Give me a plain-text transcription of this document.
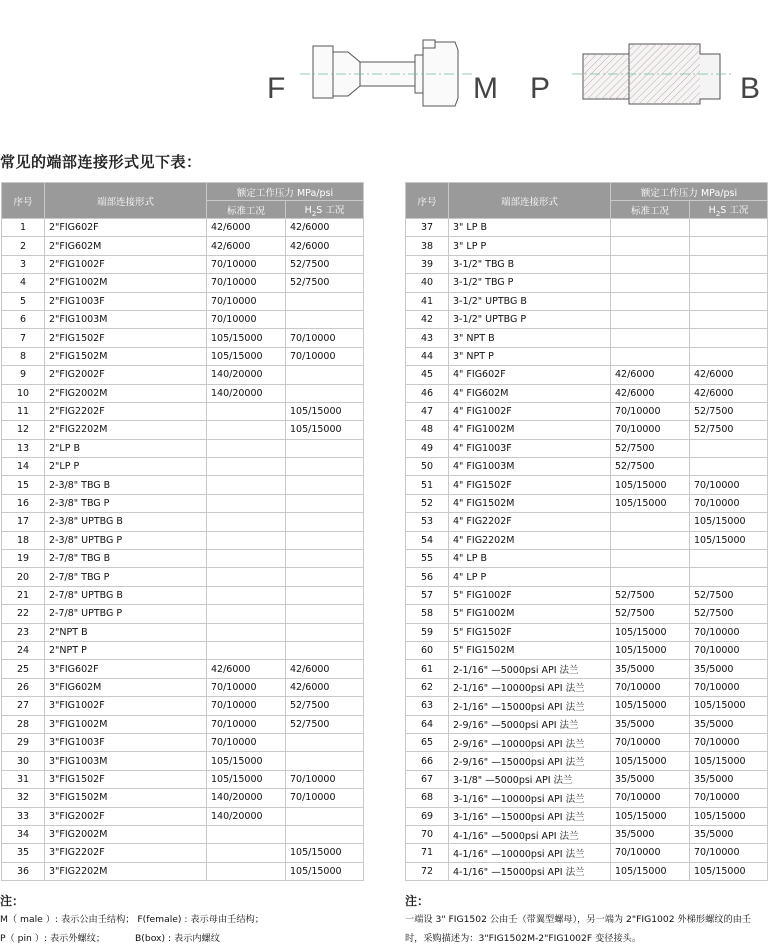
F	M P	B
常见的端部连接形式见下表：
序号	端部连接形式	额定工作压力 MPa/psi	
		标准工况	$H_2S$ 工况
1	2"FIG602F	42/6000	42/6000
2	2"FIG602M	42/6000	42/6000
3	2"FIG1002F	70/10000	52/7500
4	2"FIG1002M	70/10000	52/7500
5	2"FIG1003F	70/10000	
6	2"FIG1003M	70/10000	
7	2"FIG1502F	105/15000	70/10000
8	2"FIG1502M	105/15000	70/10000
9	2"FIG2002F	140/20000	
10	2"FIG2002M	140/20000	
11	2"FIG2202F		105/15000
12	2"FIG2202M		105/15000
13	2"LP B		
14	2"LP P		
15	2-3/8" TBG B		
16	2-3/8" TBG P		
17	2-3/8" UPTBG B		
18	2-3/8" UPTBG P		
19	2-7/8" TBG B		
20	2-7/8" TBG P		
21	2-7/8" UPTBG B		
22	2-7/8" UPTBG P		
23	2"NPT B		
24	2"NPT P		
25	3"FIG602F	42/6000	42/6000
26	3"FIG602M	70/10000	42/6000
27	3"FIG1002F	70/10000	52/7500
28	3"FIG1002M	70/10000	52/7500
29	3"FIG1003F	70/10000	
30	3"FIG1003M	105/15000	
31	3"FIG1502F	105/15000	70/10000
32	3"FIG1502M	140/20000	70/10000
33	3"FIG2002F	140/20000	
34	3"FIG2002M		
35	3"FIG2202F		105/15000
36	3"FIG2202M		105/15000
序号	端部连接形式	额定工作压力 MPa/psi	
		标准工况	$H_2S$ 工况
37	3" LP B		
38	3" LP P		
39	3-1/2" TBG B		
40	3-1/2" TBG P		
41	3-1/2" UPTBG B		
42	3-1/2" UPTBG P		
43	3" NPT B		
44	3" NPT P		
45	4" FIG602F	42/6000	42/6000
46	4" FIG602M	42/6000	42/6000
47	4" FIG1002F	70/10000	52/7500
48	4" FIG1002M	70/10000	52/7500
49	4" FIG1003F	52/7500	
50	4" FIG1003M	52/7500	
51	4" FIG1502F	105/15000	70/10000
52	4" FIG1502M	105/15000	70/10000
53	4" FIG2202F		105/15000
54	4" FIG2202M		105/15000
55	4" LP B		
56	4" LP P		
57	5" FIG1002F	52/7500	52/7500
58	5" FIG1002M	52/7500	52/7500
59	5" FIG1502F	105/15000	70/10000
60	5" FIG1502M	105/15000	70/10000
61	2-1/16" —5000psi API 法兰	35/5000	35/5000
62	2-1/16" —10000psi API 法兰	70/10000	70/10000
63	2-1/16" —15000psi API 法兰	105/15000	105/15000
64	2-9/16" —5000psi API 法兰	35/5000	35/5000
65	2-9/16" —10000psi API 法兰	70/10000	70/10000
66	2-9/16" —15000psi API 法兰	105/15000	105/15000
67	3-1/8" —5000psi API 法兰	35/5000	35/5000
68	3-1/16" —10000psi API 法兰	70/10000	70/10000
69	3-1/16" —15000psi API 法兰	105/15000	105/15000
70	4-1/16" —5000psi API 法兰	35/5000	35/5000
71	4-1/16" —10000psi API 法兰	70/10000	70/10000
72	4-1/16" —15000psi API 法兰	105/15000	105/15000
注：
M（ male ）: 表示公由壬结构； F(female) : 表示母由壬结构；
P（ pin ）: 表示外螺纹；	B(box) : 表示内螺纹
注：
一端设 3" FIG1502 公由壬（带翼型螺母），另一端为 2"FIG1002 外梯形螺纹的由壬
时，采购描述为：3"FIG1502M-2"FIG1002F 变径接头。
